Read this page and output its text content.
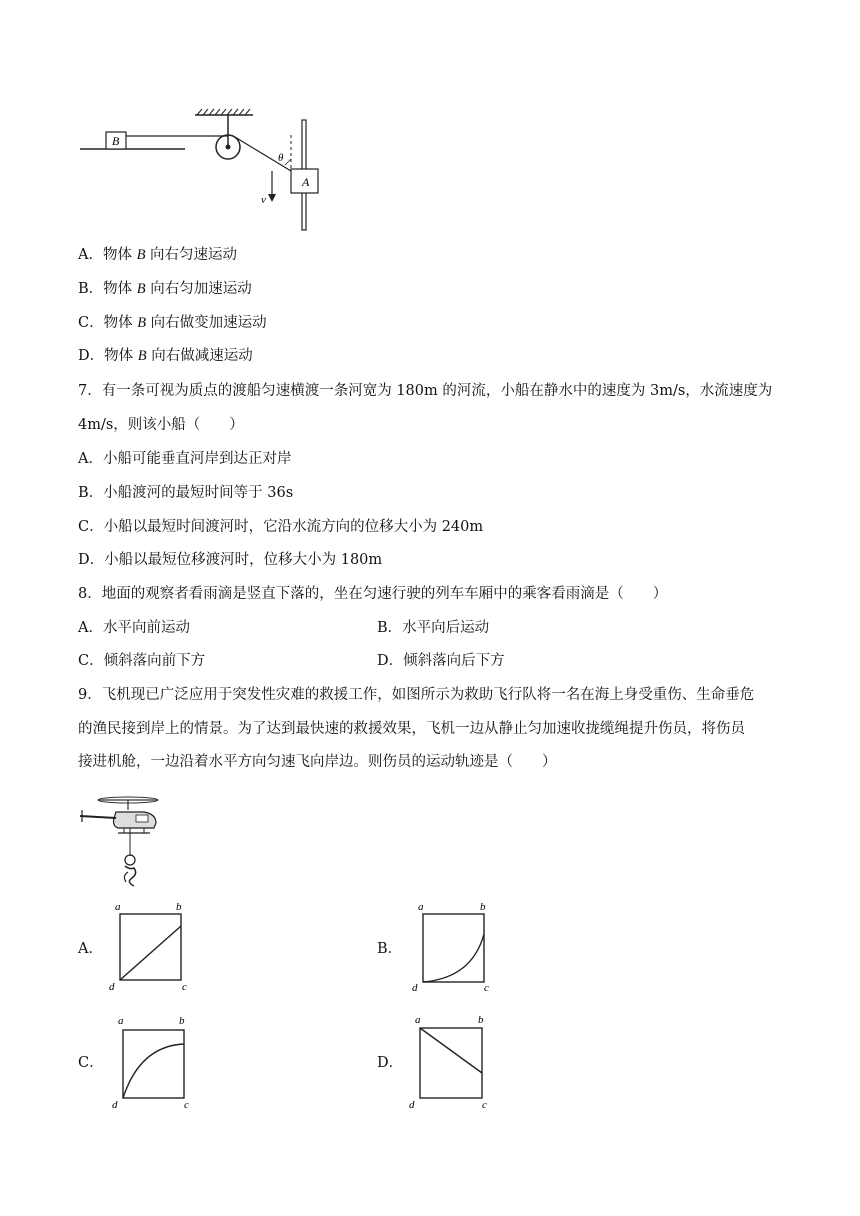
B
A
θ
v
A．物体 B 向右匀速运动
B．物体 B 向右匀加速运动
C．物体 B 向右做变加速运动
D．物体 B 向右做减速运动
7．有一条可视为质点的渡船匀速横渡一条河宽为 180m 的河流，小船在静水中的速度为 3m/s，水流速度为
4m/s，则该小船（　　）
A．小船可能垂直河岸到达正对岸
B．小船渡河的最短时间等于 36s
C．小船以最短时间渡河时，它沿水流方向的位移大小为 240m
D．小船以最短位移渡河时，位移大小为 180m
8．地面的观察者看雨滴是竖直下落的，坐在匀速行驶的列车车厢中的乘客看雨滴是（　　）
A．水平向前运动	B．水平向后运动
C．倾斜落向前下方	D．倾斜落向后下方
9．飞机现已广泛应用于突发性灾难的救援工作，如图所示为救助飞行队将一名在海上身受重伤、生命垂危
的渔民接到岸上的情景。为了达到最快速的救援效果，飞机一边从静止匀加速收拢缆绳提升伤员，将伤员
接进机舱，一边沿着水平方向匀速飞向岸边。则伤员的运动轨迹是（　　）
A．
a	b
d	c
B．
a	b
d	c
C．
a	b
d	c
D．
a	b
d	c
